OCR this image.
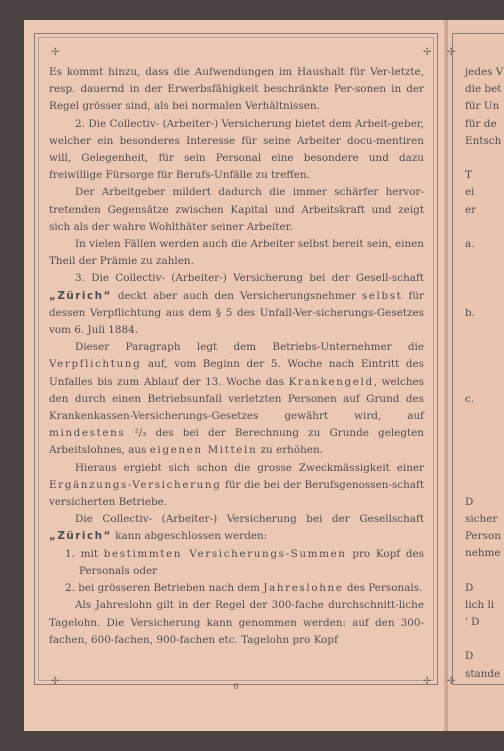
✢	✢
✢	✢
✢
✢

Es kommt hinzu, dass die Aufwendungen im Haushalt für Ver-letzte, resp. dauernd in der Erwerbsfähigkeit beschränkte Per-sonen in der Regel grösser sind, als bei normalen Verhältnissen.

2. Die Collectiv- (Arbeiter-) Versicherung bietet dem Arbeit-geber, welcher ein besonderes Interesse für seine Arbeiter docu-mentiren will, Gelegenheit, für sein Personal eine besondere und dazu freiwillige Fürsorge für Berufs-Unfälle zu treffen.

Der Arbeitgeber mildert dadurch die immer schärfer hervor-tretenden Gegensätze zwischen Kapital und Arbeitskraft und zeigt sich als der wahre Wohlthäter seiner Arbeiter.

In vielen Fällen werden auch die Arbeiter selbst bereit sein, einen Theil der Prämie zu zahlen.

3. Die Collectiv- (Arbeiter-) Versicherung bei der Gesell-schaft „Zürich“ deckt aber auch den Versicherungsnehmer selbst für dessen Verpflichtung aus dem § 5 des Unfall-Ver-sicherungs-Gesetzes vom 6. Juli 1884.

Dieser Paragraph legt dem Betriebs-Unternehmer die Verpflichtung auf, vom Beginn der 5. Woche nach Eintritt des Unfalles bis zum Ablauf der 13. Woche das Krankengeld, welches den durch einen Betriebsunfall verletzten Personen auf Grund des Krankenkassen-Versicherungs-Gesetzes gewährt wird, auf mindestens ²/₃ des bei der Berechnung zu Grunde gelegten Arbeitslohnes, aus eigenen Mitteln zu erhöhen.

Hieraus ergiebt sich schon die grosse Zweckmässigkeit einer Ergänzungs-Versicherung für die bei der Berufsgenossen-schaft versicherten Betriebe.

Die Collectiv- (Arbeiter-) Versicherung bei der Gesellschaft „Zürich“ kann abgeschlossen werden:

1. mit bestimmten Versicherungs-Summen pro Kopf des Personals oder

2. bei grösseren Betrieben nach dem Jahreslohne des Personals.

Als Jahreslohn gilt in der Regel der 300-fache durchschnitt-liche Tagelohn. Die Versicherung kann genommen werden: auf den 300-fachen, 600-fachen, 900-fachen etc. Tagelohn pro Kopf

6
jedes V
die bet
für Un
für de
Entsch
T
ei
er
a.
b.
c.
D
sicher
Person
nehme
D
lich li
' D
D
stande
